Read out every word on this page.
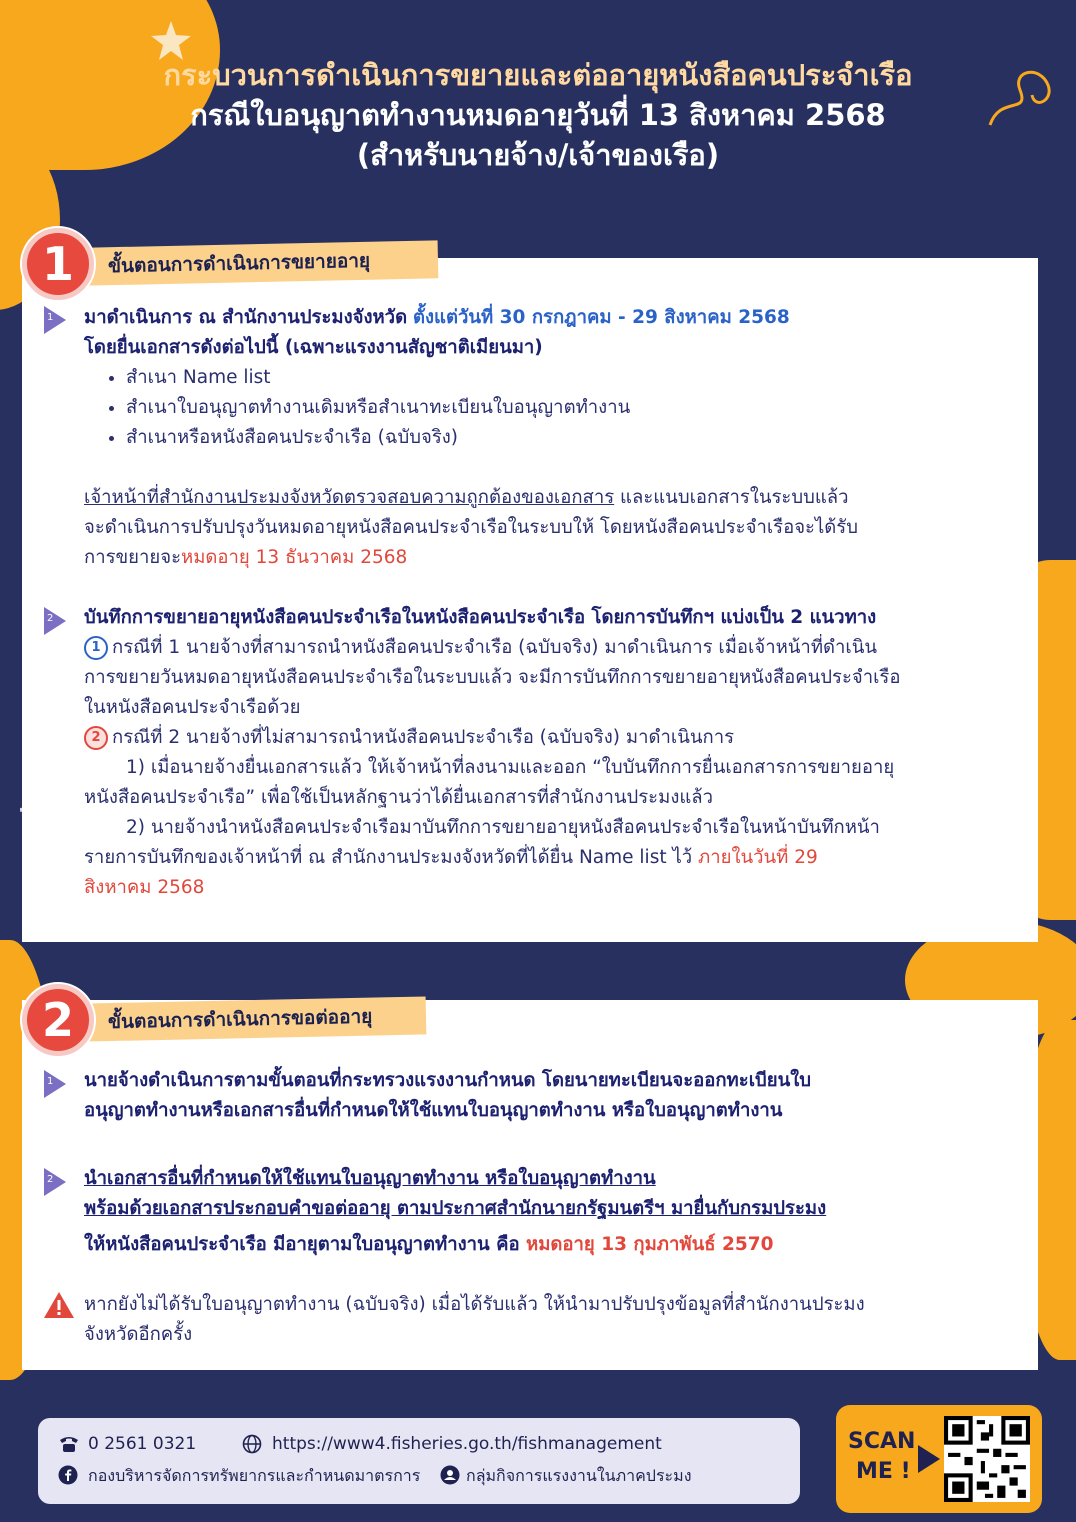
กระบวนการดำเนินการขยายและต่ออายุหนังสือคนประจำเรือ
กรณีใบอนุญาตทำงานหมดอายุวันที่ 13 สิงหาคม 2568
(สำหรับนายจ้าง/เจ้าของเรือ)
ขั้นตอนการดำเนินการขยายอายุ
1
1 มาดำเนินการ ณ สำนักงานประมงจังหวัด ตั้งแต่วันที่ 30 กรกฎาคม - 29 สิงหาคม 2568
โดยยื่นเอกสารดังต่อไปนี้ (เฉพาะแรงงานสัญชาติเมียนมา)
• สำเนา Name list
• สำเนาใบอนุญาตทำงานเดิมหรือสำเนาทะเบียนใบอนุญาตทำงาน
• สำเนาหรือหนังสือคนประจำเรือ (ฉบับจริง)
เจ้าหน้าที่สำนักงานประมงจังหวัดตรวจสอบความถูกต้องของเอกสาร และแนบเอกสารในระบบแล้ว
จะดำเนินการปรับปรุงวันหมดอายุหนังสือคนประจำเรือในระบบให้ โดยหนังสือคนประจำเรือจะได้รับ
การขยายจะหมดอายุ 13 ธันวาคม 2568
2 บันทึกการขยายอายุหนังสือคนประจำเรือในหนังสือคนประจำเรือ โดยการบันทึกฯ แบ่งเป็น 2 แนวทาง
1 กรณีที่ 1 นายจ้างที่สามารถนำหนังสือคนประจำเรือ (ฉบับจริง) มาดำเนินการ เมื่อเจ้าหน้าที่ดำเนิน
การขยายวันหมดอายุหนังสือคนประจำเรือในระบบแล้ว จะมีการบันทึกการขยายอายุหนังสือคนประจำเรือ
ในหนังสือคนประจำเรือด้วย
2 กรณีที่ 2 นายจ้างที่ไม่สามารถนำหนังสือคนประจำเรือ (ฉบับจริง) มาดำเนินการ
1) เมื่อนายจ้างยื่นเอกสารแล้ว ให้เจ้าหน้าที่ลงนามและออก “ใบบันทึกการยื่นเอกสารการขยายอายุ
หนังสือคนประจำเรือ” เพื่อใช้เป็นหลักฐานว่าได้ยื่นเอกสารที่สำนักงานประมงแล้ว
2) นายจ้างนำหนังสือคนประจำเรือมาบันทึกการขยายอายุหนังสือคนประจำเรือในหน้าบันทึกหน้า
รายการบันทึกของเจ้าหน้าที่ ณ สำนักงานประมงจังหวัดที่ได้ยื่น Name list ไว้ ภายในวันที่ 29
สิงหาคม 2568
ขั้นตอนการดำเนินการขอต่ออายุ
2
1 นายจ้างดำเนินการตามขั้นตอนที่กระทรวงแรงงานกำหนด โดยนายทะเบียนจะออกทะเบียนใบ
อนุญาตทำงานหรือเอกสารอื่นที่กำหนดให้ใช้แทนใบอนุญาตทำงาน หรือใบอนุญาตทำงาน
2 นำเอกสารอื่นที่กำหนดให้ใช้แทนใบอนุญาตทำงาน หรือใบอนุญาตทำงาน
พร้อมด้วยเอกสารประกอบคำขอต่ออายุ ตามประกาศสำนักนายกรัฐมนตรีฯ มายื่นกับกรมประมง
ให้หนังสือคนประจำเรือ มีอายุตามใบอนุญาตทำงาน คือ หมดอายุ 13 กุมภาพันธ์ 2570
หากยังไม่ได้รับใบอนุญาตทำงาน (ฉบับจริง) เมื่อได้รับแล้ว ให้นำมาปรับปรุงข้อมูลที่สำนักงานประมง
จังหวัดอีกครั้ง
0 2561 0321	https://www4.fisheries.go.th/fishmanagement
กองบริหารจัดการทรัพยากรและกำหนดมาตรการ	กลุ่มกิจการแรงงานในภาคประมง
SCAN
ME !
